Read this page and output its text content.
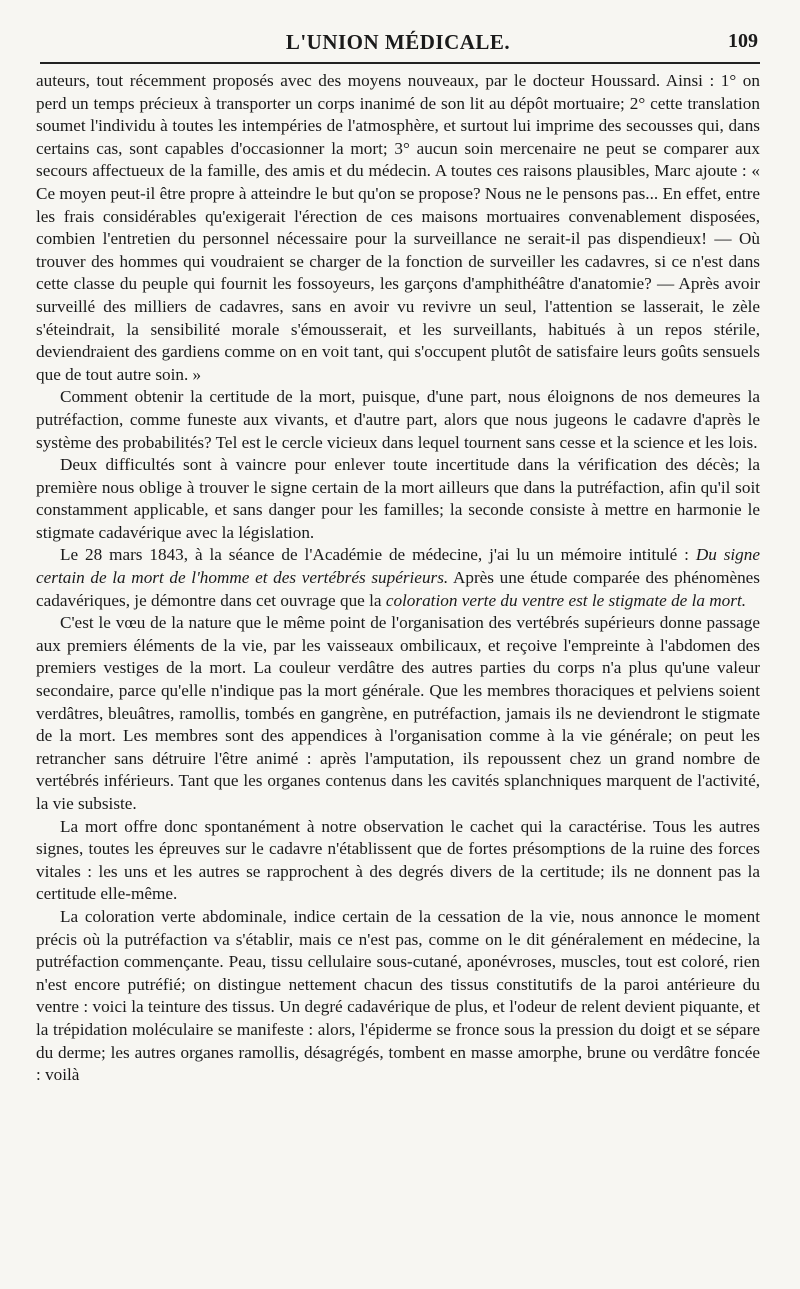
L'UNION MÉDICALE.	109

auteurs, tout récemment proposés avec des moyens nouveaux, par le docteur Houssard. Ainsi : 1° on perd un temps précieux à transporter un corps inanimé de son lit au dépôt mortuaire; 2° cette translation soumet l'individu à toutes les intempéries de l'atmosphère, et surtout lui imprime des secousses qui, dans certains cas, sont capables d'occasionner la mort; 3° aucun soin mercenaire ne peut se comparer aux secours affectueux de la famille, des amis et du médecin. A toutes ces raisons plausibles, Marc ajoute : « Ce moyen peut-il être propre à atteindre le but qu'on se propose? Nous ne le pensons pas... En effet, entre les frais considérables qu'exigerait l'érection de ces maisons mortuaires convenablement disposées, combien l'entretien du personnel nécessaire pour la surveillance ne serait-il pas dispendieux! — Où trouver des hommes qui voudraient se charger de la fonction de surveiller les cadavres, si ce n'est dans cette classe du peuple qui fournit les fossoyeurs, les garçons d'amphithéâtre d'anatomie? — Après avoir surveillé des milliers de cadavres, sans en avoir vu revivre un seul, l'attention se lasserait, le zèle s'éteindrait, la sensibilité morale s'émousserait, et les surveillants, habitués à un repos stérile, deviendraient des gardiens comme on en voit tant, qui s'occupent plutôt de satisfaire leurs goûts sensuels que de tout autre soin. »

Comment obtenir la certitude de la mort, puisque, d'une part, nous éloignons de nos demeures la putréfaction, comme funeste aux vivants, et d'autre part, alors que nous jugeons le cadavre d'après le système des probabilités? Tel est le cercle vicieux dans lequel tournent sans cesse et la science et les lois.

Deux difficultés sont à vaincre pour enlever toute incertitude dans la vérification des décès; la première nous oblige à trouver le signe certain de la mort ailleurs que dans la putréfaction, afin qu'il soit constamment applicable, et sans danger pour les familles; la seconde consiste à mettre en harmonie le stigmate cadavérique avec la législation.

Le 28 mars 1843, à la séance de l'Académie de médecine, j'ai lu un mémoire intitulé : Du signe certain de la mort de l'homme et des vertébrés supérieurs. Après une étude comparée des phénomènes cadavériques, je démontre dans cet ouvrage que la coloration verte du ventre est le stigmate de la mort.

C'est le vœu de la nature que le même point de l'organisation des vertébrés supérieurs donne passage aux premiers éléments de la vie, par les vaisseaux ombilicaux, et reçoive l'empreinte à l'abdomen des premiers vestiges de la mort. La couleur verdâtre des autres parties du corps n'a plus qu'une valeur secondaire, parce qu'elle n'indique pas la mort générale. Que les membres thoraciques et pelviens soient verdâtres, bleuâtres, ramollis, tombés en gangrène, en putréfaction, jamais ils ne deviendront le stigmate de la mort. Les membres sont des appendices à l'organisation comme à la vie générale; on peut les retrancher sans détruire l'être animé : après l'amputation, ils repoussent chez un grand nombre de vertébrés inférieurs. Tant que les organes contenus dans les cavités splanchniques marquent de l'activité, la vie subsiste.

La mort offre donc spontanément à notre observation le cachet qui la caractérise. Tous les autres signes, toutes les épreuves sur le cadavre n'établissent que de fortes présomptions de la ruine des forces vitales : les uns et les autres se rapprochent à des degrés divers de la certitude; ils ne donnent pas la certitude elle-même.

La coloration verte abdominale, indice certain de la cessation de la vie, nous annonce le moment précis où la putréfaction va s'établir, mais ce n'est pas, comme on le dit généralement en médecine, la putréfaction commençante. Peau, tissu cellulaire sous-cutané, aponévroses, muscles, tout est coloré, rien n'est encore putréfié; on distingue nettement chacun des tissus constitutifs de la paroi antérieure du ventre : voici la teinture des tissus. Un degré cadavérique de plus, et l'odeur de relent devient piquante, et la trépidation moléculaire se manifeste : alors, l'épiderme se fronce sous la pression du doigt et se sépare du derme; les autres organes ramollis, désagrégés, tombent en masse amorphe, brune ou verdâtre foncée : voilà
